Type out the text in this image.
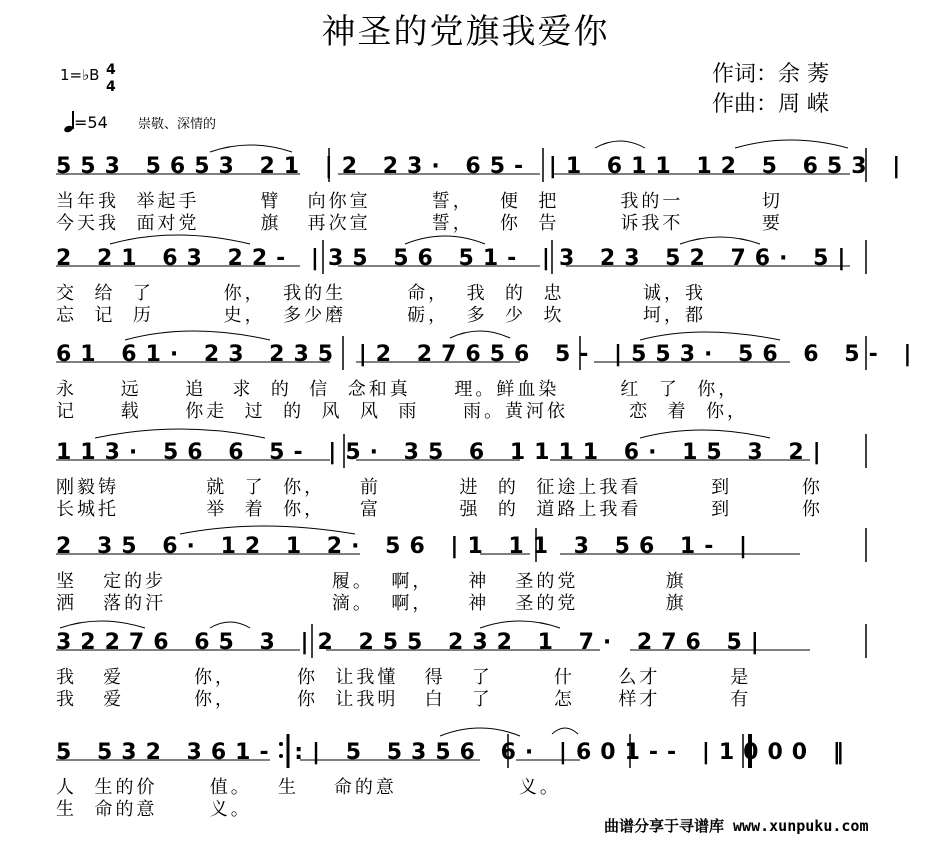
神圣的党旗我爱你
作词：余 莠
作曲：周 嵘
1=♭B 4
4
=54 崇敬、深情的
553 5653 21 |2 23· 65- |1 611 12 5 653 |
当年我  举起手       臂   向你宣       誓，   便  把       我的一         切
今天我  面对党       旗   再次宣       誓，   你  告       诉我不         要
2 21 63 22- |35 56 51- |3 23 52 76· 5|
交  给  了        你，  我的生       命，  我  的  忠         诚，我
忘  记  历        史，  多少磨       砺，  多  少  坎         坷，都
61 61· 23 235 |2 27656 5- |553· 56 6 5- |
永     远     追   求  的  信  念和真     理。鲜血染       红  了  你，
记     载     你走  过  的  风  风  雨     雨。黄河依       恋  着  你，
113· 56 6 5- |5· 35 6 1111 6· 15 3 2|
刚毅铸          就  了  你，    前         进  的  征途上我看        到        你
长城托          举  着  你，    富         强  的  道路上我看        到        你
2 35 6· 12 1 2· 56 |1 11 3 56 1- |
坚   定的步                   履。  啊，    神   圣的党          旗
洒   落的汗                   滴。  啊，    神   圣的党          旗
32276 65 3 |2 255 232 1 7· 276 5|
我   爱        你，       你  让我懂   得   了       什     么才        是
我   爱        你，       你  让我明   白   了       怎     样才        有
5 532 361- :| 5 5356 6· |601-- |1000 ‖
人  生的价      值。   生    命的意              义。
生  命的意      义。
曲谱分享于寻谱库 www.xunpuku.com
